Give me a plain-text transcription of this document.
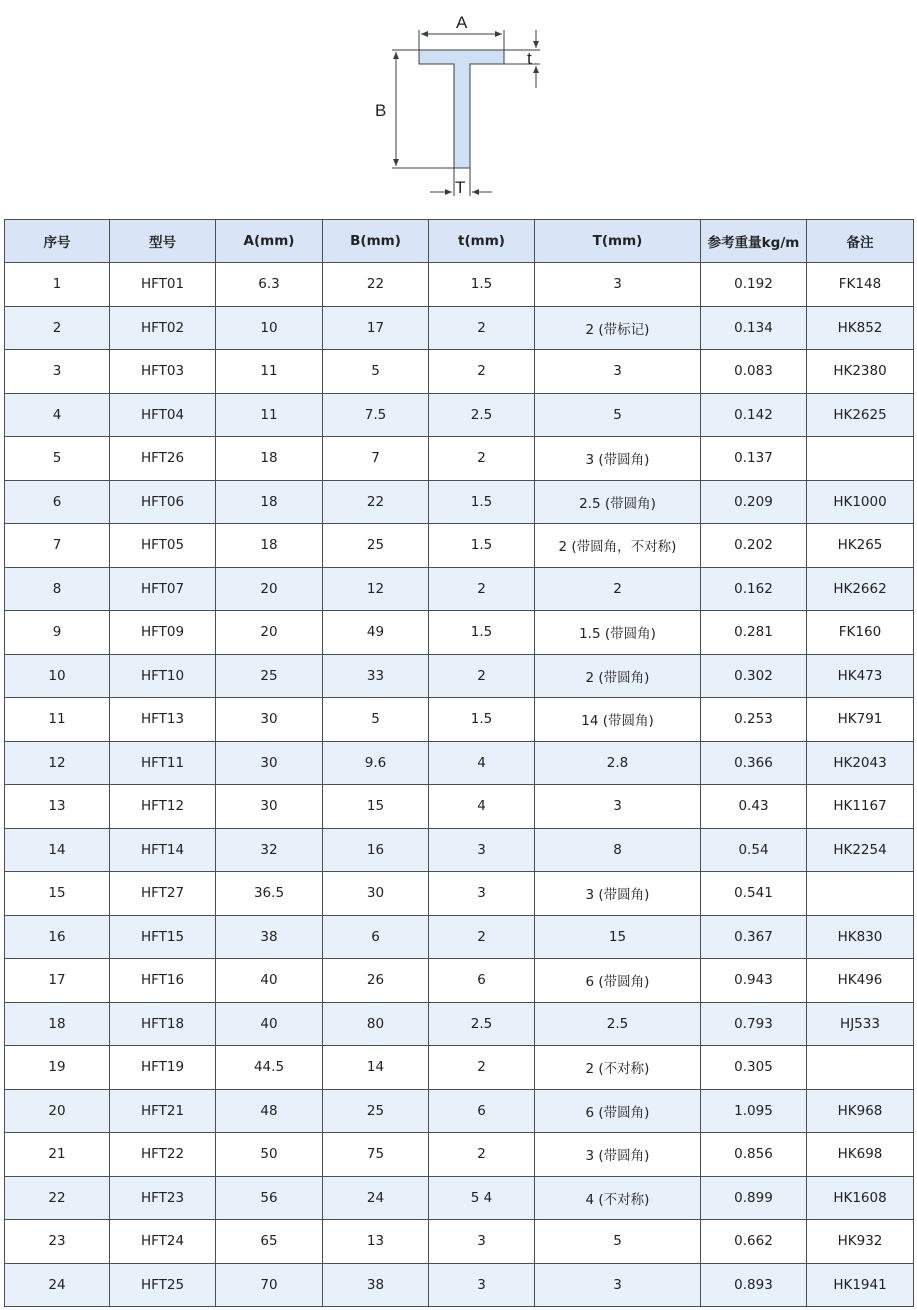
A
t
B
T
序号	型号	A(mm)	B(mm)	t(mm)	T(mm)	参考重量kg/m	备注
1	HFT01	6.3	22	1.5	3	0.192	FK148
2	HFT02	10	17	2	2 (带标记)	0.134	HK852
3	HFT03	11	5	2	3	0.083	HK2380
4	HFT04	11	7.5	2.5	5	0.142	HK2625
5	HFT26	18	7	2	3 (带圆角)	0.137	
6	HFT06	18	22	1.5	2.5 (带圆角)	0.209	HK1000
7	HFT05	18	25	1.5	2 (带圆角，不对称)	0.202	HK265
8	HFT07	20	12	2	2	0.162	HK2662
9	HFT09	20	49	1.5	1.5 (带圆角)	0.281	FK160
10	HFT10	25	33	2	2 (带圆角)	0.302	HK473
11	HFT13	30	5	1.5	14 (带圆角)	0.253	HK791
12	HFT11	30	9.6	4	2.8	0.366	HK2043
13	HFT12	30	15	4	3	0.43	HK1167
14	HFT14	32	16	3	8	0.54	HK2254
15	HFT27	36.5	30	3	3 (带圆角)	0.541	
16	HFT15	38	6	2	15	0.367	HK830
17	HFT16	40	26	6	6 (带圆角)	0.943	HK496
18	HFT18	40	80	2.5	2.5	0.793	HJ533
19	HFT19	44.5	14	2	2 (不对称)	0.305	
20	HFT21	48	25	6	6 (带圆角)	1.095	HK968
21	HFT22	50	75	2	3 (带圆角)	0.856	HK698
22	HFT23	56	24	5 4	4 (不对称)	0.899	HK1608
23	HFT24	65	13	3	5	0.662	HK932
24	HFT25	70	38	3	3	0.893	HK1941
